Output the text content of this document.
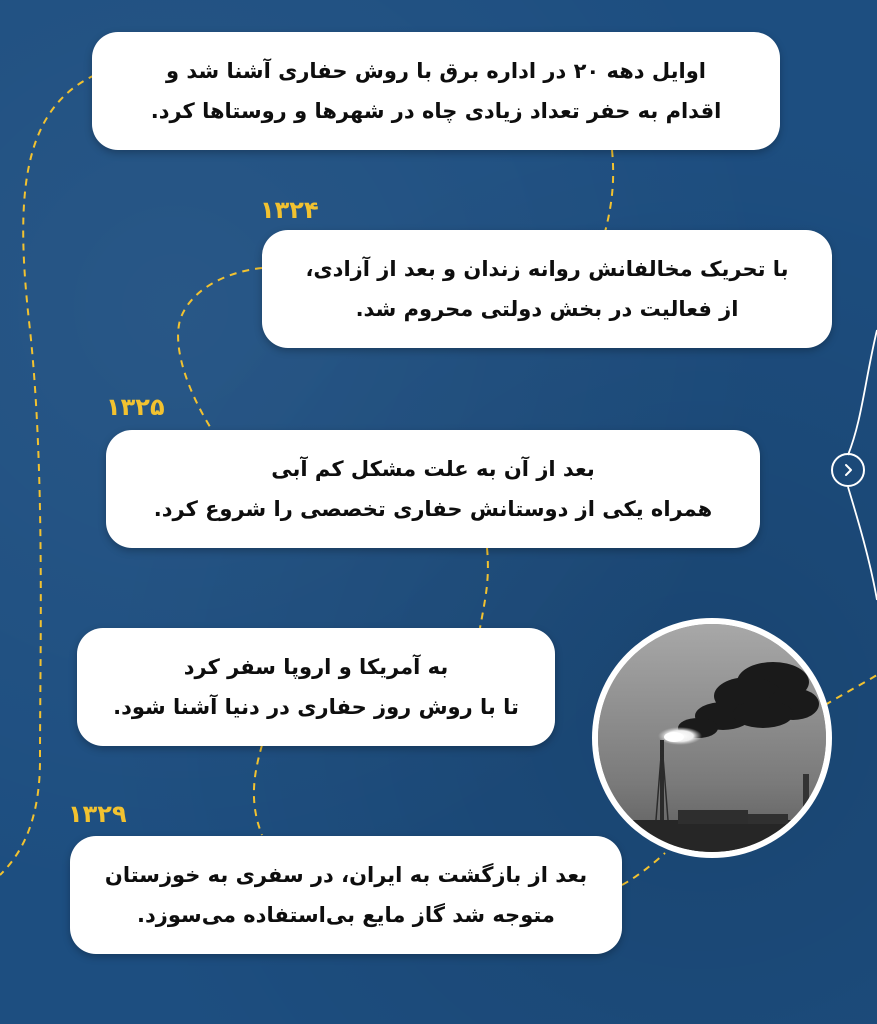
اوایل دهه ۲۰ در اداره برق با روش حفاری آشنا شد و
اقدام به حفر تعداد زیادی چاه در شهرها و روستاها کرد.
۱۳۲۴
با تحریک مخالفانش روانه زندان و بعد از آزادی،
از فعالیت در بخش دولتی محروم شد.
۱۳۲۵
بعد از آن به علت مشکل کم آبی
همراه یکی از دوستانش حفاری تخصصی را شروع کرد.
به آمریکا و اروپا سفر کرد
تا با روش روز حفاری در دنیا آشنا شود.
۱۳۲۹
بعد از بازگشت به ایران، در سفری به خوزستان
متوجه شد گاز مایع بی‌استفاده می‌سوزد.
